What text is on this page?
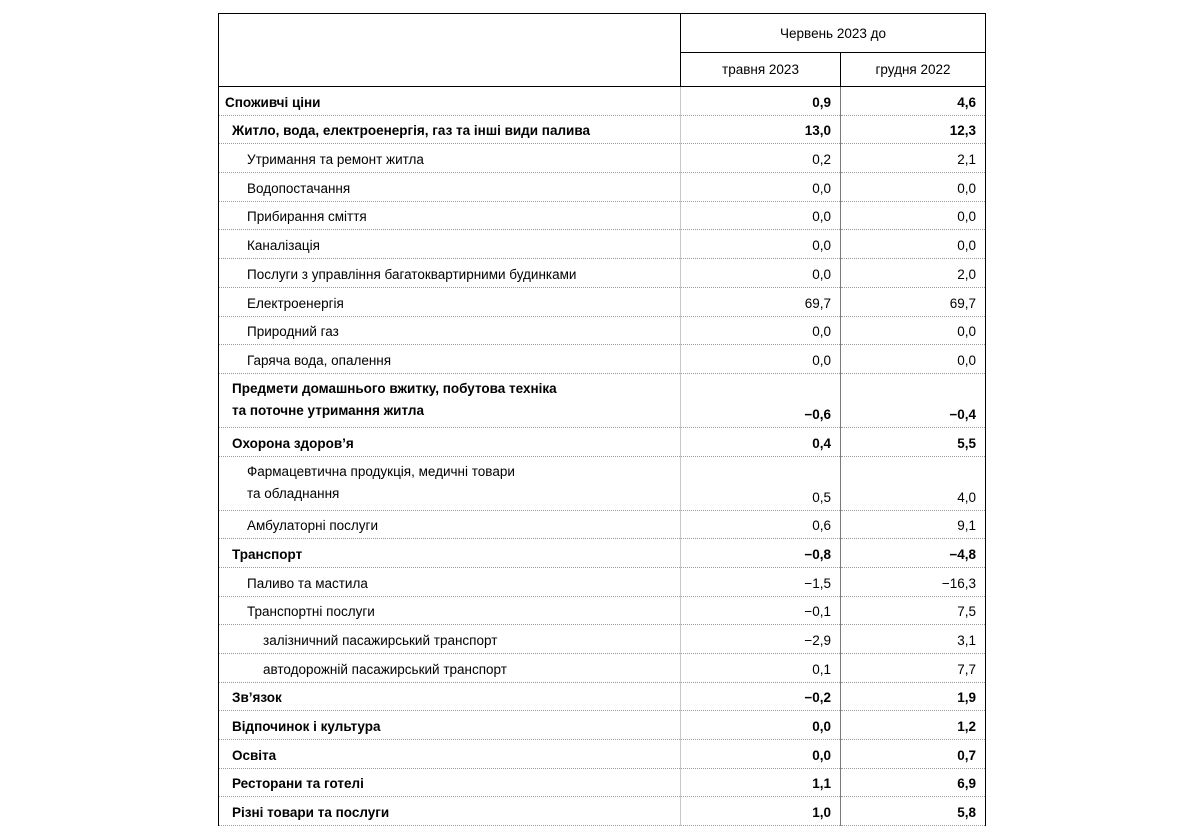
	Червень 2023 до	
	травня 2023	грудня 2022

Споживчі ціни	0,9	4,6

Житло, вода, електроенергія, газ та інші види палива	13,0	12,3

Утримання та ремонт житла	0,2	2,1

Водопостачання	0,0	0,0

Прибирання сміття	0,0	0,0

Каналізація	0,0	0,0

Послуги з управління багатоквартирними будинками	0,0	2,0

Електроенергія	69,7	69,7

Природний газ	0,0	0,0

Гаряча вода, опалення	0,0	0,0

Предмети домашнього вжитку, побутова техніка
та поточне утримання житла	−0,6	−0,4

Охорона здоров’я	0,4	5,5

Фармацевтична продукція, медичні товари
та обладнання	0,5	4,0

Амбулаторні послуги	0,6	9,1

Транспорт	−0,8	−4,8

Паливо та мастила	−1,5	−16,3

Транспортні послуги	−0,1	7,5

залізничний пасажирський транспорт	−2,9	3,1

автодорожній пасажирський транспорт	0,1	7,7

Зв’язок	−0,2	1,9

Відпочинок і культура	0,0	1,2

Освіта	0,0	0,7

Ресторани та готелі	1,1	6,9

Різні товари та послуги	1,0	5,8
